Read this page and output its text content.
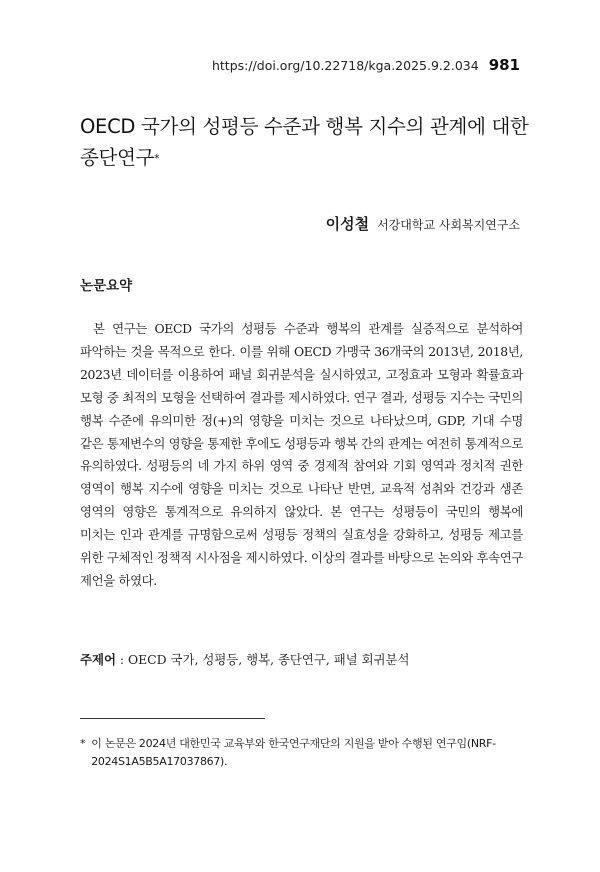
https://doi.org/10.22718/kga.2025.9.2.034 981
OECD 국가의 성평등 수준과 행복 지수의 관계에 대한 종단연구*
이성철 서강대학교 사회복지연구소
논문요약

본 연구는 OECD 국가의 성평등 수준과 행복의 관계를 실증적으로 분석하여 파악하는 것을 목적으로 한다. 이를 위해 OECD 가맹국 36개국의 2013년, 2018년, 2023년 데이터를 이용하여 패널 회귀분석을 실시하였고, 고정효과 모형과 확률효과 모형 중 최적의 모형을 선택하여 결과를 제시하였다. 연구 결과, 성평등 지수는 국민의 행복 수준에 유의미한 정(+)의 영향을 미치는 것으로 나타났으며, GDP, 기대 수명 같은 통제변수의 영향을 통제한 후에도 성평등과 행복 간의 관계는 여전히 통계적으로 유의하였다. 성평등의 네 가지 하위 영역 중 경제적 참여와 기회 영역과 정치적 권한 영역이 행복 지수에 영향을 미치는 것으로 나타난 반면, 교육적 성취와 건강과 생존 영역의 영향은 통계적으로 유의하지 않았다. 본 연구는 성평등이 국민의 행복에 미치는 인과 관계를 규명함으로써 성평등 정책의 실효성을 강화하고, 성평등 제고를 위한 구체적인 정책적 시사점을 제시하였다. 이상의 결과를 바탕으로 논의와 후속연구 제언을 하였다.

주제어 : OECD 국가, 성평등, 행복, 종단연구, 패널 회귀분석
* 이 논문은 2024년 대한민국 교육부와 한국연구재단의 지원을 받아 수행된 연구임(NRF-2024S1A5B5A17037867).
